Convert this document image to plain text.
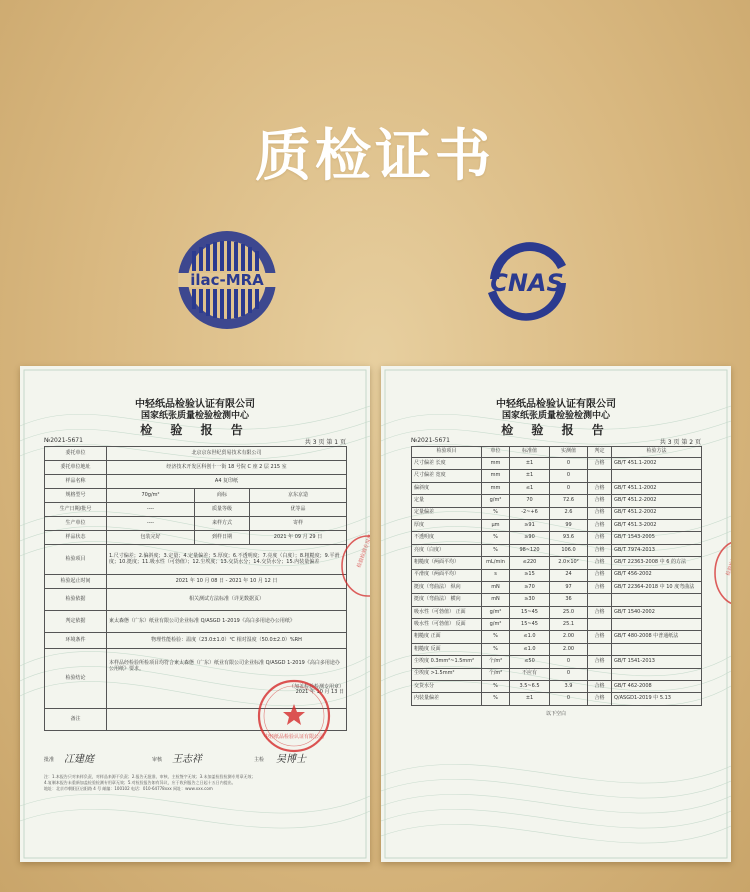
质检证书
ilac-MRA	CNAS
中轻纸品检验认证有限公司
国家纸张质量检验检测中心
检 验 报 告
№2021-5671	共 3 页 第 1 页
委托单位	北京京东世纪贸易技术有限公司		
委托单位地址	经济技术开发区科创十一街 18 号院 C 座 2 层 215 室		
样品名称	A4 复印纸		
规格型号	70g/m²	商标	京东京造
生产日期/批号	----	质量等级	优等品
生产单位	----	来样方式	寄样
样品状态	包装完好	到样日期	2021 年 09 月 29 日
检验项目	1.尺寸偏差；2.偏斜度；3.定量；4.定量偏差；5.厚度；6.不透明度；7.亮度（白度）；8.粗糙度；9.平滑度；10.挺度；11.吸水性（可勃值）；12.尘埃度；13.交货水分；14.交货水分；15.内装量偏差		
检验起止时间	2021 年 10 月 08 日 - 2021 年 10 月 12 日		
检验依据	相关测试方法标准（详见数据页）		
判定依据	東太森態（广东）纸业有限公司企业标准 Q/ASGD 1-2019《高白多用途办公用纸》		
环境条件	物理性能检验：温度（23.0±1.0）℃ 相对湿度（50.0±2.0）%RH		
检验结论	本样品经检验所检项目均符合東太森態（广东）纸业有限公司企业标准 Q/ASGD 1-2019《高白多用途办公用纸》要求。
（加盖检验检测专用章）
2021 年 10 月 13 日		

备注			
批准 冮建庭	审核 王志祥	主检 吴博士
注：1.本报告只对来样负责，对样品来源不负责；2.报告无批准、审核、主检签字无效；3.未加盖检验检测专用章无效；
4.复制本报告未重新加盖检验检测专用章无效；5.对检验报告如有异议，应于收到报告之日起十五日内提出。
地址：北京市朝阳区启阳路 4 号 邮编：100102 电话：010-64778xxx 网址：www.xxx.com
中轻纸品检验认证有限公司
检验检测专用章
中轻纸品检验认证有限公司
国家纸张质量检验检测中心
检 验 报 告
№2021-5671	共 3 页 第 2 页
检验项目	单位	标准值	实测值	判定	检验方法
尺寸偏差 长度	mm	±1	0	合格	GB/T 451.1-2002
尺寸偏差 宽度	mm	±1	0		
偏斜度	mm	≤1	0	合格	GB/T 451.1-2002
定量	g/m²	70	72.6	合格	GB/T 451.2-2002
定量偏差	%	-2~+6	2.6	合格	GB/T 451.2-2002
厚度	μm	≥91	99	合格	GB/T 451.3-2002
不透明度	%	≥90	93.6	合格	GB/T 1543-2005
亮度（白度）	%	98~120	106.0	合格	GB/T 7974-2013
粗糙度（两面平均）	mL/min	≤220	2.0×10²	合格	GB/T 22363-2008 中 6 的方法
平滑度（两面平均）	s	≥15	24	合格	GB/T 456-2002
挺度（弯曲法） 纵向	mN	≥70	97	合格	GB/T 22364-2018 中 10 度弯曲法
挺度（弯曲法） 横向	mN	≥30	36		
吸水性（可勃值） 正面	g/m²	15~45	25.0	合格	GB/T 1540-2002
吸水性（可勃值） 反面	g/m²	15~45	25.1		
粗糙度 正面	%	≤1.0	2.00	合格	GB/T 480-2008 中普通纸法
粗糙度 反面	%	≤1.0	2.00		
尘埃度 0.3mm²~1.5mm²	个/m²	≤50	0	合格	GB/T 1541-2013
尘埃度 >1.5mm²	个/m²	不应有	0		
交货水分	%	3.5~6.5	3.9	合格	GB/T 462-2008
内装量偏差	%	±1	0	合格	Q/ASGD1-2019 中 5.13
以下空白
检验检测专用章
